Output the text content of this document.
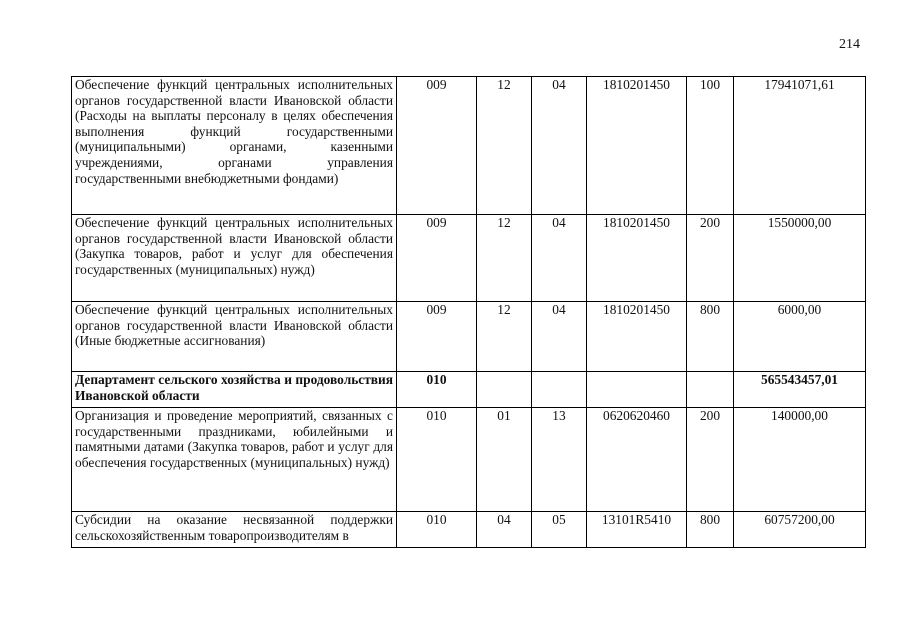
214
Обеспечение функций центральных исполнительных органов государственной власти Ивановской области (Расходы на выплаты персоналу в целях обеспечения выполнения функций государственными (муниципальными) органами, казенными учреждениями, органами управления государственными внебюджетными фондами)	009	12	04	1810201450	100	17941071,61
Обеспечение функций центральных исполнительных органов государственной власти Ивановской области (Закупка товаров, работ и услуг для обеспечения государственных (муниципальных) нужд)	009	12	04	1810201450	200	1550000,00
Обеспечение функций центральных исполнительных органов государственной власти Ивановской области (Иные бюджетные ассигнования)	009	12	04	1810201450	800	6000,00
Департамент сельского хозяйства и продовольствия Ивановской области	010					565543457,01
Организация и проведение мероприятий, связанных с государственными праздниками, юбилейными и памятными датами (Закупка товаров, работ и услуг для обеспечения государственных (муниципальных) нужд)	010	01	13	0620620460	200	140000,00
Субсидии на оказание несвязанной поддержки сельскохозяйственным товаропроизводителям в	010	04	05	13101R5410	800	60757200,00
